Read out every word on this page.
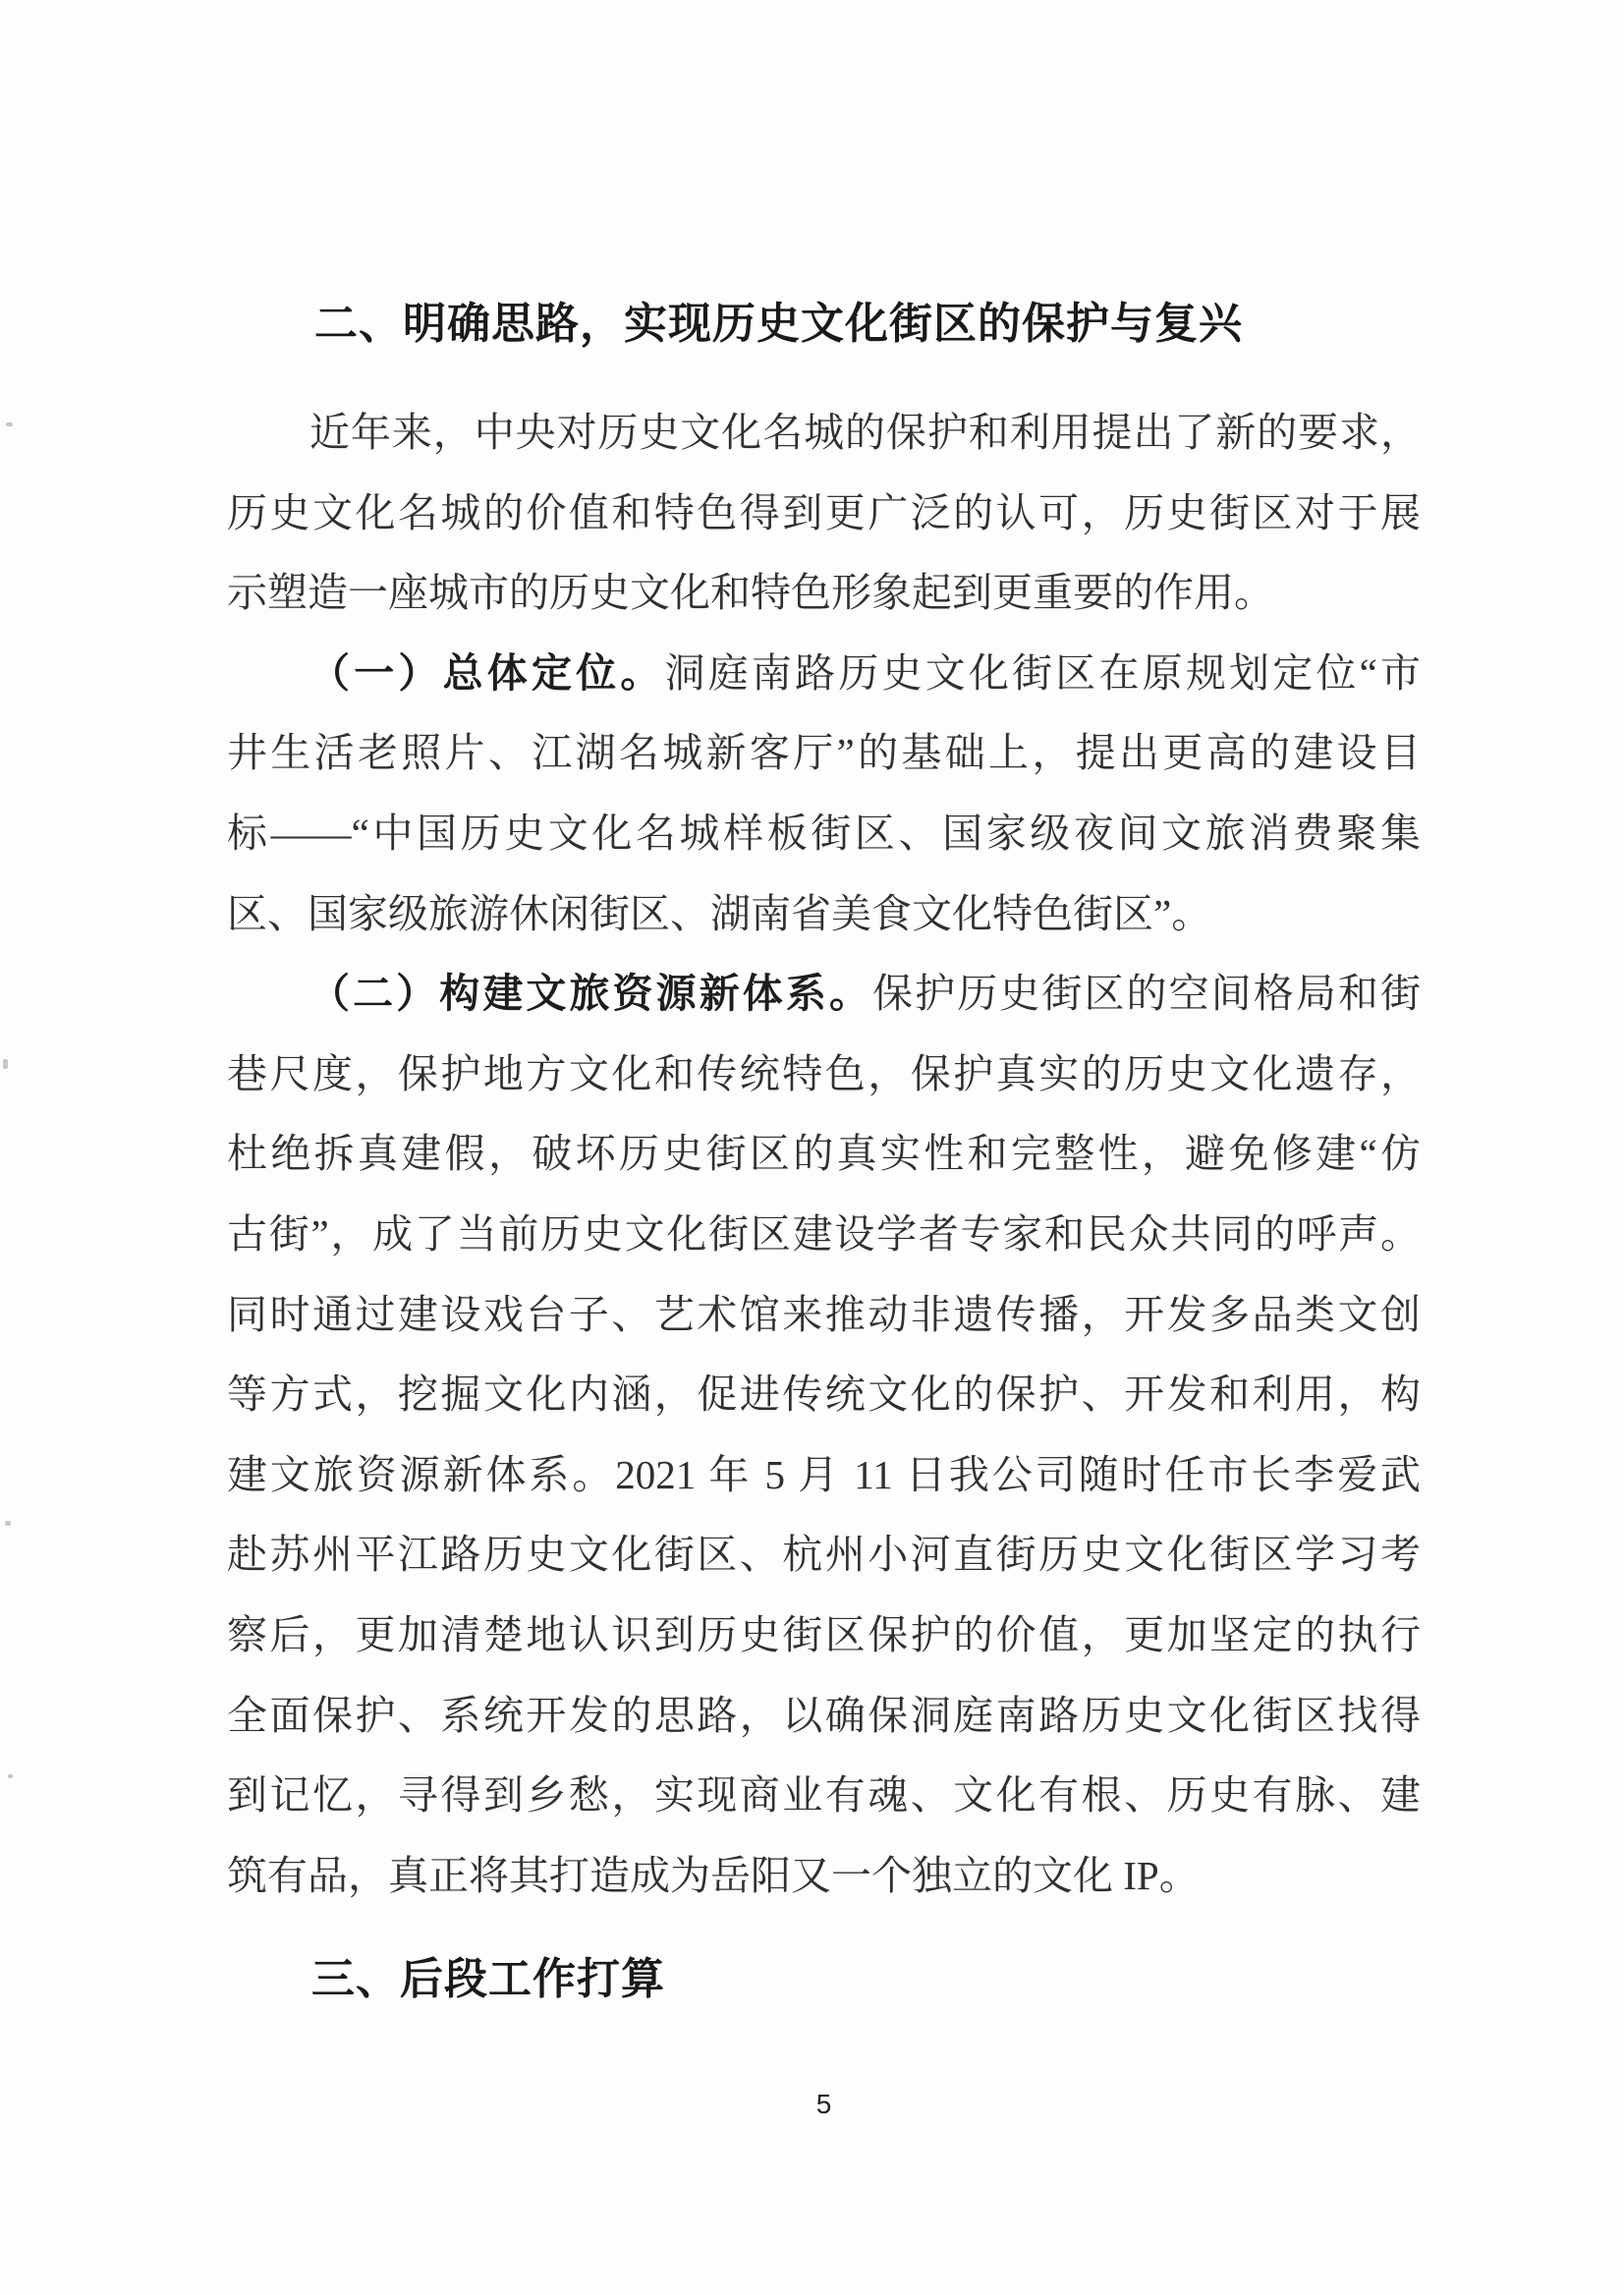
二、明确思路，实现历史文化街区的保护与复兴
近年来，中央对历史文化名城的保护和利用提出了新的要求，
历史文化名城的价值和特色得到更广泛的认可，历史街区对于展
示塑造一座城市的历史文化和特色形象起到更重要的作用。
（一）总体定位。洞庭南路历史文化街区在原规划定位“市
井生活老照片、江湖名城新客厅”的基础上，提出更高的建设目
标——“中国历史文化名城样板街区、国家级夜间文旅消费聚集
区、国家级旅游休闲街区、湖南省美食文化特色街区”。
（二）构建文旅资源新体系。保护历史街区的空间格局和街
巷尺度，保护地方文化和传统特色，保护真实的历史文化遗存，
杜绝拆真建假，破坏历史街区的真实性和完整性，避免修建“仿
古街”，成了当前历史文化街区建设学者专家和民众共同的呼声。
同时通过建设戏台子、艺术馆来推动非遗传播，开发多品类文创
等方式，挖掘文化内涵，促进传统文化的保护、开发和利用，构
建文旅资源新体系。2021 年 5 月 11 日我公司随时任市长李爱武
赴苏州平江路历史文化街区、杭州小河直街历史文化街区学习考
察后，更加清楚地认识到历史街区保护的价值，更加坚定的执行
全面保护、系统开发的思路，以确保洞庭南路历史文化街区找得
到记忆，寻得到乡愁，实现商业有魂、文化有根、历史有脉、建
筑有品，真正将其打造成为岳阳又一个独立的文化 IP。
三、后段工作打算
5
